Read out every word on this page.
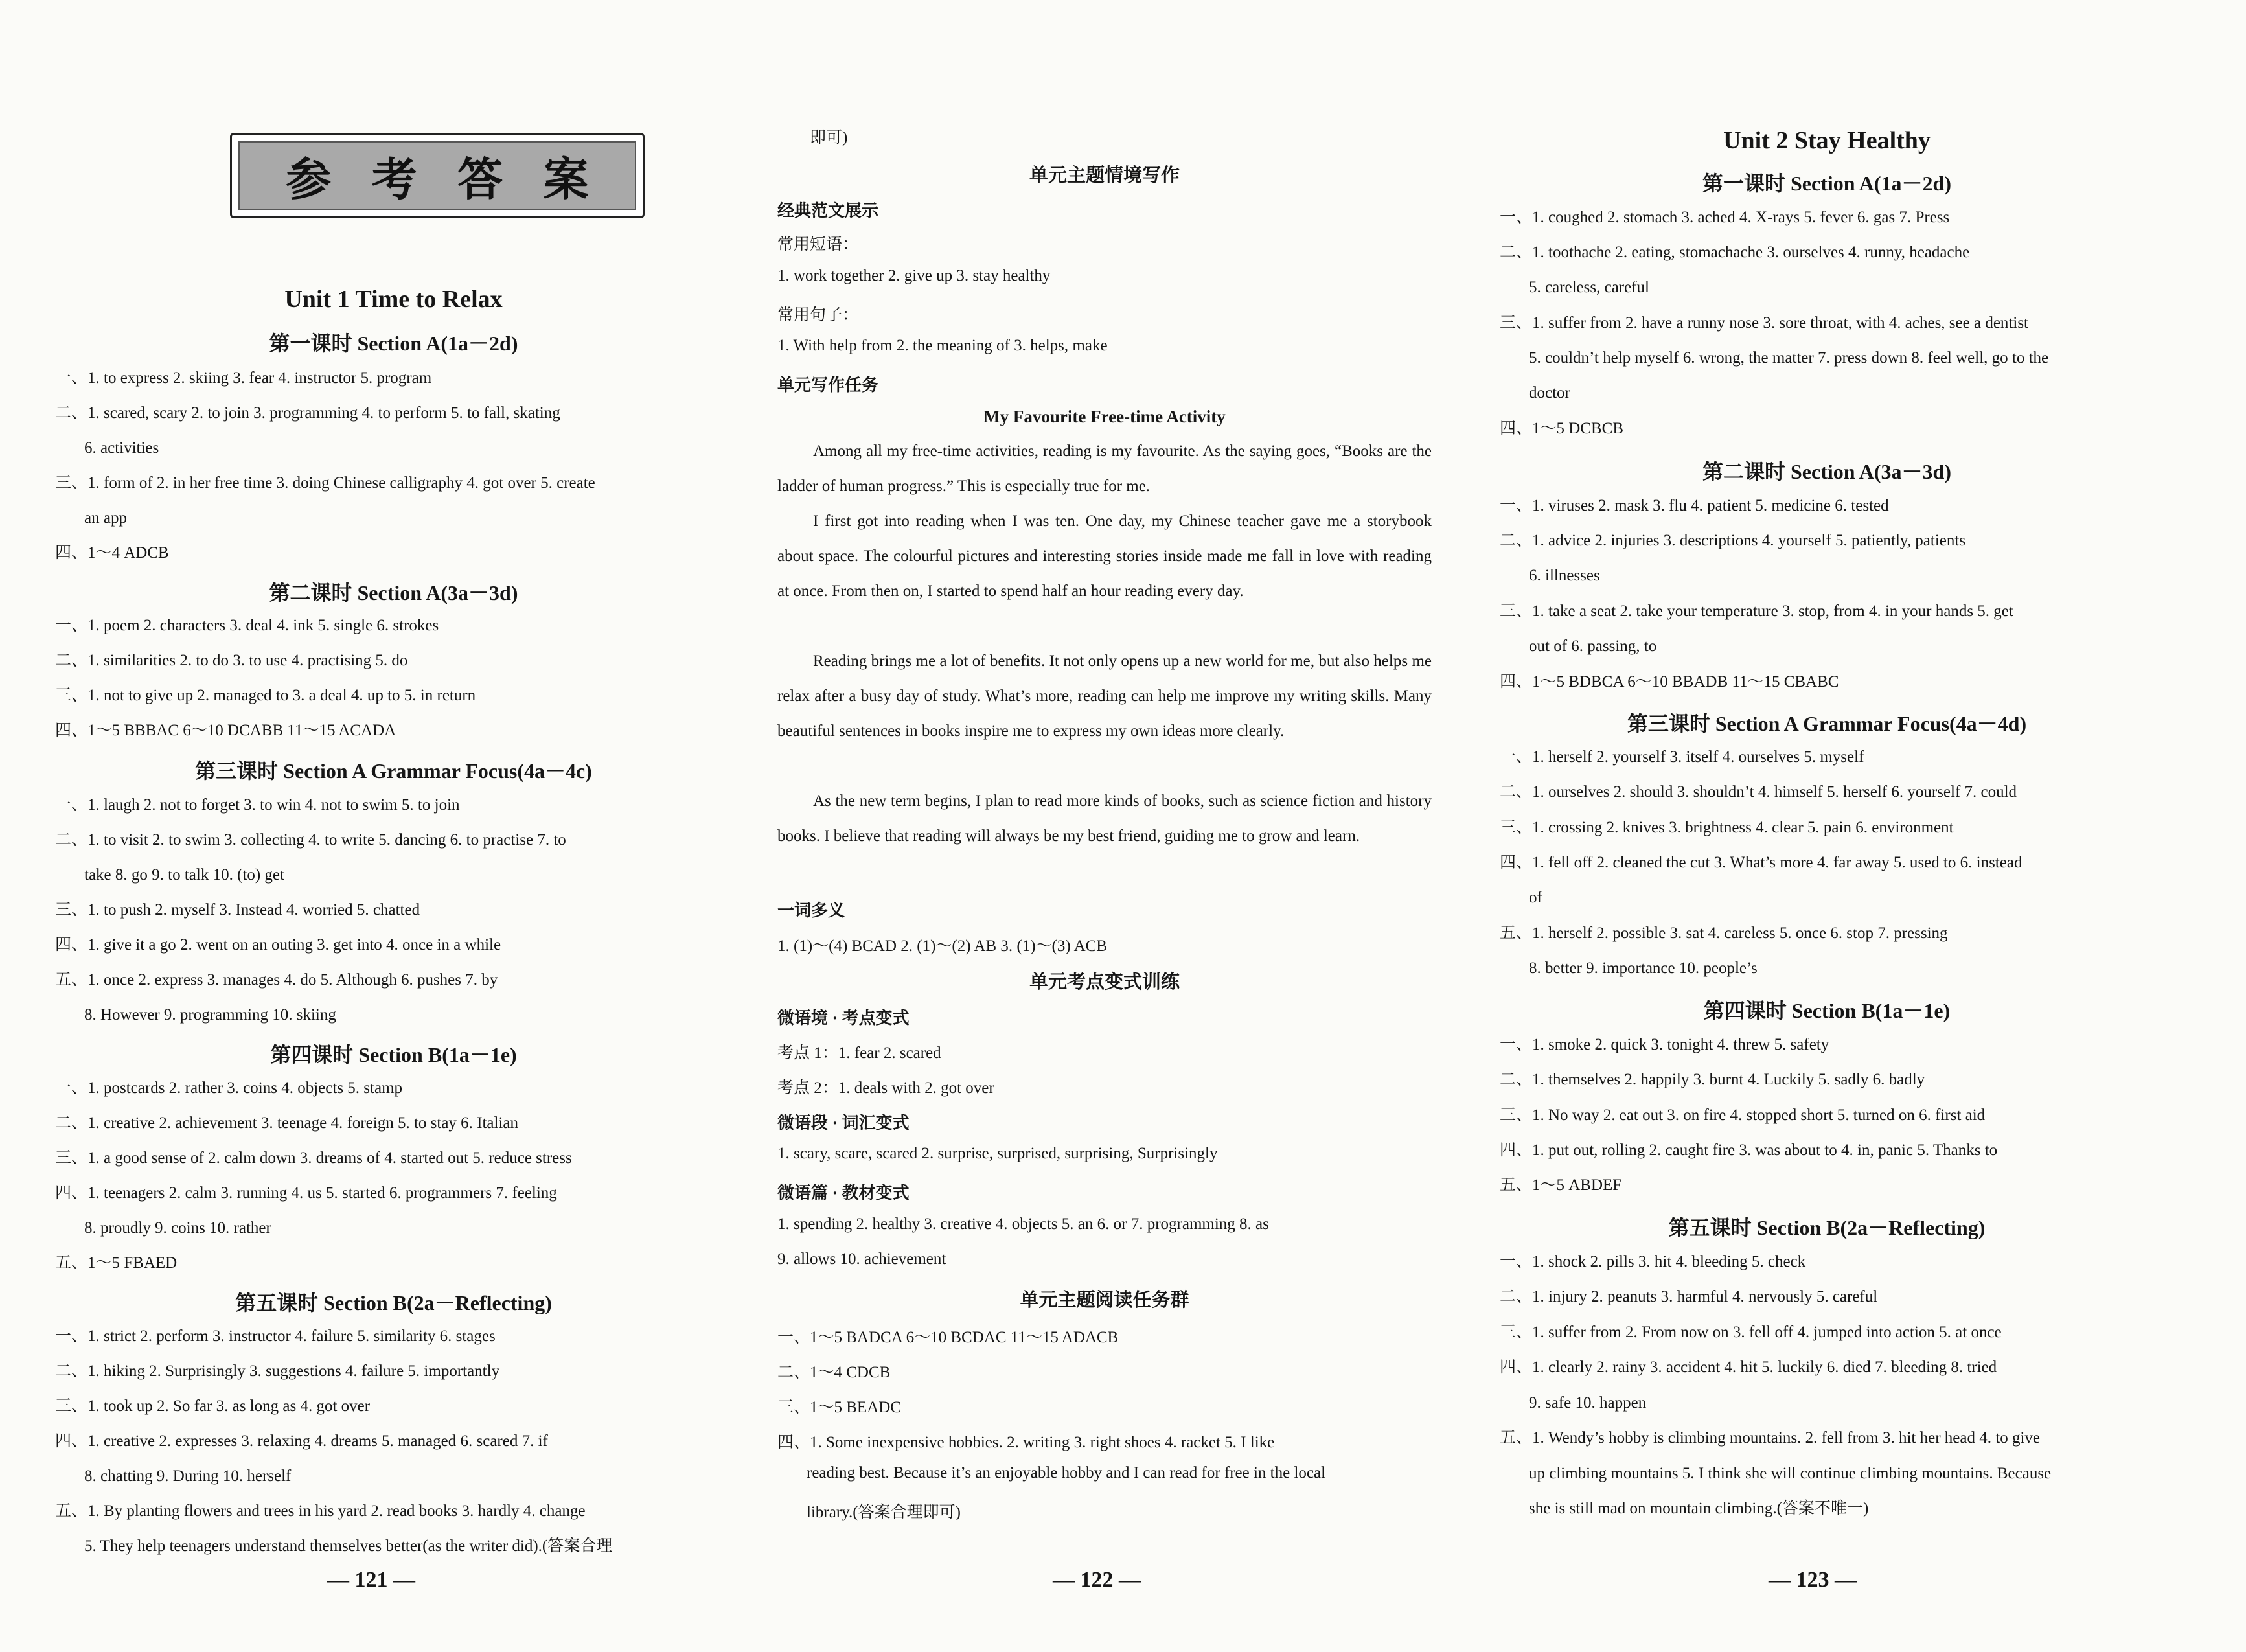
参 考 答 案
Unit 1 Time to Relax
第一课时 Section A(1a－2d)
一、1. to express 2. skiing 3. fear 4. instructor 5. program
二、1. scared, scary 2. to join 3. programming 4. to perform 5. to fall, skating
6. activities
三、1. form of 2. in her free time 3. doing Chinese calligraphy 4. got over 5. create
an app
四、1～4 ADCB
第二课时 Section A(3a－3d)
一、1. poem 2. characters 3. deal 4. ink 5. single 6. strokes
二、1. similarities 2. to do 3. to use 4. practising 5. do
三、1. not to give up 2. managed to 3. a deal 4. up to 5. in return
四、1～5 BBBAC 6～10 DCABB 11～15 ACADA
第三课时 Section A Grammar Focus(4a－4c)
一、1. laugh 2. not to forget 3. to win 4. not to swim 5. to join
二、1. to visit 2. to swim 3. collecting 4. to write 5. dancing 6. to practise 7. to
take 8. go 9. to talk 10. (to) get
三、1. to push 2. myself 3. Instead 4. worried 5. chatted
四、1. give it a go 2. went on an outing 3. get into 4. once in a while
五、1. once 2. express 3. manages 4. do 5. Although 6. pushes 7. by
8. However 9. programming 10. skiing
第四课时 Section B(1a－1e)
一、1. postcards 2. rather 3. coins 4. objects 5. stamp
二、1. creative 2. achievement 3. teenage 4. foreign 5. to stay 6. Italian
三、1. a good sense of 2. calm down 3. dreams of 4. started out 5. reduce stress
四、1. teenagers 2. calm 3. running 4. us 5. started 6. programmers 7. feeling
8. proudly 9. coins 10. rather
五、1～5 FBAED
第五课时 Section B(2a－Reflecting)
一、1. strict 2. perform 3. instructor 4. failure 5. similarity 6. stages
二、1. hiking 2. Surprisingly 3. suggestions 4. failure 5. importantly
三、1. took up 2. So far 3. as long as 4. got over
四、1. creative 2. expresses 3. relaxing 4. dreams 5. managed 6. scared 7. if
8. chatting 9. During 10. herself
五、1. By planting flowers and trees in his yard 2. read books 3. hardly 4. change
5. They help teenagers understand themselves better(as the writer did).(答案合理
— 121 —
即可)
单元主题情境写作
经典范文展示
常用短语：
1. work together 2. give up 3. stay healthy
常用句子：
1. With help from 2. the meaning of 3. helps, make
单元写作任务
My Favourite Free-time Activity
Among all my free-time activities, reading is my favourite. As the saying goes, “Books are the ladder of human progress.” This is especially true for me.
I first got into reading when I was ten. One day, my Chinese teacher gave me a storybook about space. The colourful pictures and interesting stories inside made me fall in love with reading at once. From then on, I started to spend half an hour reading every day.
Reading brings me a lot of benefits. It not only opens up a new world for me, but also helps me relax after a busy day of study. What’s more, reading can help me improve my writing skills. Many beautiful sentences in books inspire me to express my own ideas more clearly.
As the new term begins, I plan to read more kinds of books, such as science fiction and history books. I believe that reading will always be my best friend, guiding me to grow and learn.
一词多义
1. (1)～(4) BCAD 2. (1)～(2) AB 3. (1)～(3) ACB
单元考点变式训练
微语境 · 考点变式
考点 1：1. fear 2. scared
考点 2：1. deals with 2. got over
微语段 · 词汇变式
1. scary, scare, scared 2. surprise, surprised, surprising, Surprisingly
微语篇 · 教材变式
1. spending 2. healthy 3. creative 4. objects 5. an 6. or 7. programming 8. as
9. allows 10. achievement
单元主题阅读任务群
一、1～5 BADCA 6～10 BCDAC 11～15 ADACB
二、1～4 CDCB
三、1～5 BEADC
四、1. Some inexpensive hobbies. 2. writing 3. right shoes 4. racket 5. I like
reading best. Because it’s an enjoyable hobby and I can read for free in the local
library.(答案合理即可)
— 122 —
Unit 2 Stay Healthy
第一课时 Section A(1a－2d)
一、1. coughed 2. stomach 3. ached 4. X-rays 5. fever 6. gas 7. Press
二、1. toothache 2. eating, stomachache 3. ourselves 4. runny, headache
5. careless, careful
三、1. suffer from 2. have a runny nose 3. sore throat, with 4. aches, see a dentist
5. couldn’t help myself 6. wrong, the matter 7. press down 8. feel well, go to the
doctor
四、1～5 DCBCB
第二课时 Section A(3a－3d)
一、1. viruses 2. mask 3. flu 4. patient 5. medicine 6. tested
二、1. advice 2. injuries 3. descriptions 4. yourself 5. patiently, patients
6. illnesses
三、1. take a seat 2. take your temperature 3. stop, from 4. in your hands 5. get
out of 6. passing, to
四、1～5 BDBCA 6～10 BBADB 11～15 CBABC
第三课时 Section A Grammar Focus(4a－4d)
一、1. herself 2. yourself 3. itself 4. ourselves 5. myself
二、1. ourselves 2. should 3. shouldn’t 4. himself 5. herself 6. yourself 7. could
三、1. crossing 2. knives 3. brightness 4. clear 5. pain 6. environment
四、1. fell off 2. cleaned the cut 3. What’s more 4. far away 5. used to 6. instead
of
五、1. herself 2. possible 3. sat 4. careless 5. once 6. stop 7. pressing
8. better 9. importance 10. people’s
第四课时 Section B(1a－1e)
一、1. smoke 2. quick 3. tonight 4. threw 5. safety
二、1. themselves 2. happily 3. burnt 4. Luckily 5. sadly 6. badly
三、1. No way 2. eat out 3. on fire 4. stopped short 5. turned on 6. first aid
四、1. put out, rolling 2. caught fire 3. was about to 4. in, panic 5. Thanks to
五、1～5 ABDEF
第五课时 Section B(2a－Reflecting)
一、1. shock 2. pills 3. hit 4. bleeding 5. check
二、1. injury 2. peanuts 3. harmful 4. nervously 5. careful
三、1. suffer from 2. From now on 3. fell off 4. jumped into action 5. at once
四、1. clearly 2. rainy 3. accident 4. hit 5. luckily 6. died 7. bleeding 8. tried
9. safe 10. happen
五、1. Wendy’s hobby is climbing mountains. 2. fell from 3. hit her head 4. to give
up climbing mountains 5. I think she will continue climbing mountains. Because
she is still mad on mountain climbing.(答案不唯一)
— 123 —
